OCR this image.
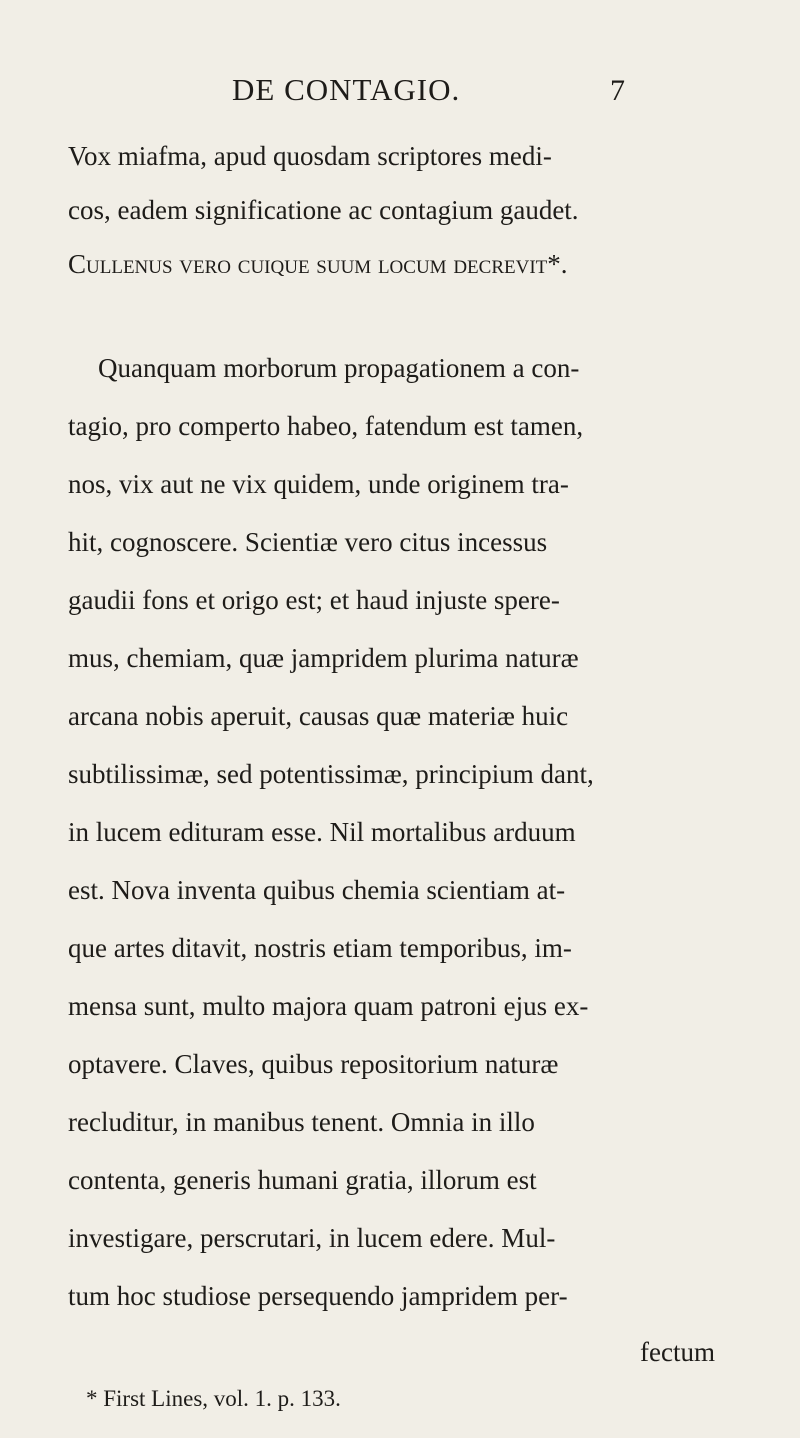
DE CONTAGIO.	7
Vox miafma, apud quosdam scriptores medi-
cos, eadem significatione ac contagium gaudet.
Cullenus vero cuique suum locum decrevit*.
Quanquam morborum propagationem a con-
tagio, pro comperto habeo, fatendum est tamen,
nos, vix aut ne vix quidem, unde originem tra-
hit, cognoscere. Scientiæ vero citus incessus
gaudii fons et origo est; et haud injuste spere-
mus, chemiam, quæ jampridem plurima naturæ
arcana nobis aperuit, causas quæ materiæ huic
subtilissimæ, sed potentissimæ, principium dant,
in lucem edituram esse. Nil mortalibus arduum
est. Nova inventa quibus chemia scientiam at-
que artes ditavit, nostris etiam temporibus, im-
mensa sunt, multo majora quam patroni ejus ex-
optavere. Claves, quibus repositorium naturæ
recluditur, in manibus tenent. Omnia in illo
contenta, generis humani gratia, illorum est
investigare, perscrutari, in lucem edere. Mul-
tum hoc studiose persequendo jampridem per-
fectum
* First Lines, vol. 1. p. 133.
